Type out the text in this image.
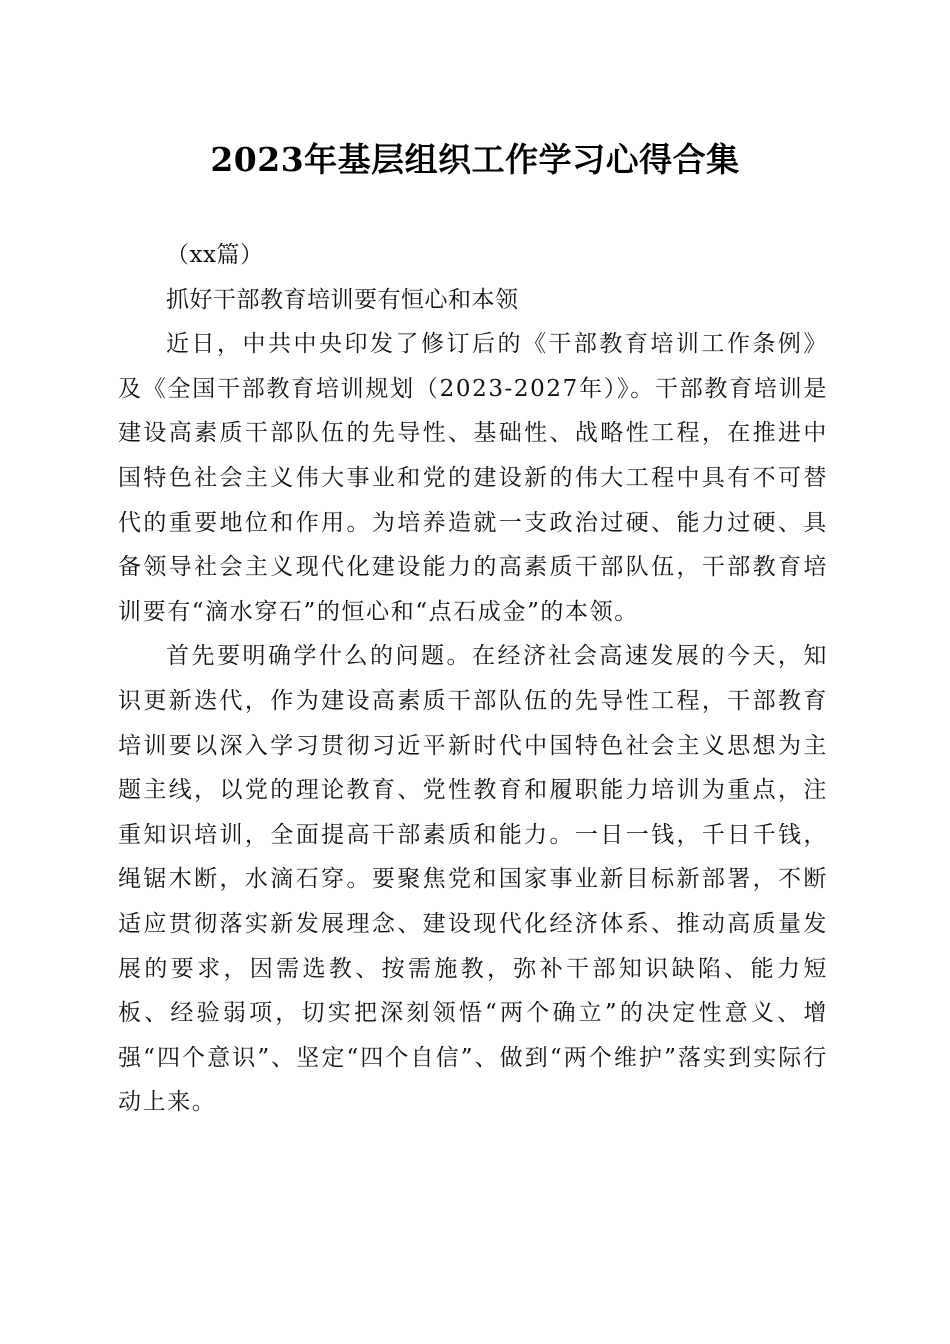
2023年基层组织工作学习心得合集

（xx篇）

抓好干部教育培训要有恒心和本领

近日，中共中央印发了修订后的《干部教育培训工作条例》及《全国干部教育培训规划（2023-2027年）》。干部教育培训是建设高素质干部队伍的先导性、基础性、战略性工程，在推进中国特色社会主义伟大事业和党的建设新的伟大工程中具有不可替代的重要地位和作用。为培养造就一支政治过硬、能力过硬、具备领导社会主义现代化建设能力的高素质干部队伍，干部教育培训要有“滴水穿石”的恒心和“点石成金”的本领。

首先要明确学什么的问题。在经济社会高速发展的今天，知识更新迭代，作为建设高素质干部队伍的先导性工程，干部教育培训要以深入学习贯彻习近平新时代中国特色社会主义思想为主题主线，以党的理论教育、党性教育和履职能力培训为重点，注重知识培训，全面提高干部素质和能力。一日一钱，千日千钱，绳锯木断，水滴石穿。要聚焦党和国家事业新目标新部署，不断适应贯彻落实新发展理念、建设现代化经济体系、推动高质量发展的要求，因需选教、按需施教，弥补干部知识缺陷、能力短板、经验弱项，切实把深刻领悟“两个确立”的决定性意义、增强“四个意识”、坚定“四个自信”、做到“两个维护”落实到实际行动上来。
